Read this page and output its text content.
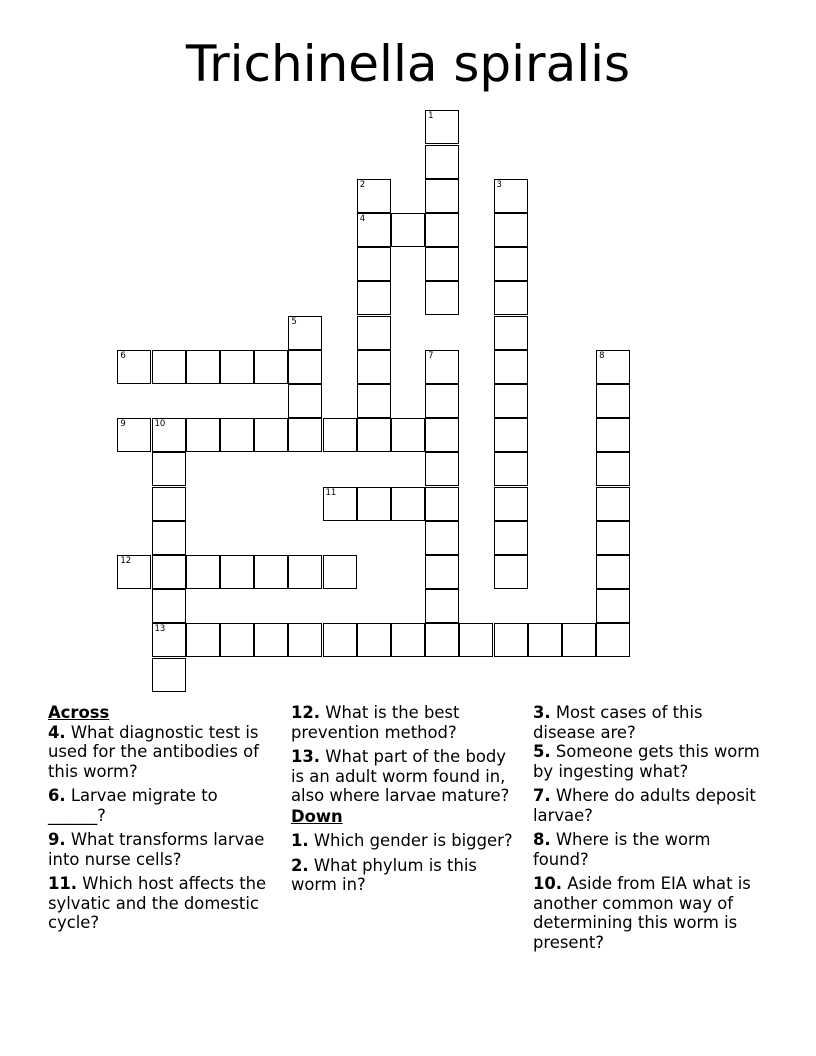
Trichinella spiralis
1
2	3
4
5
6	7	8
9	10
11
12
13
Across
4. What diagnostic test is used for the antibodies of this worm?
6. Larvae migrate to ______?
9. What transforms larvae into nurse cells?
11. Which host affects the sylvatic and the domestic cycle?
12. What is the best prevention method?
13. What part of the body is an adult worm found in, also where larvae mature?
Down
1. Which gender is bigger?
2. What phylum is this worm in?
3. Most cases of this disease are?
5. Someone gets this worm by ingesting what?
7. Where do adults deposit larvae?
8. Where is the worm found?
10. Aside from EIA what is another common way of determining this worm is present?
